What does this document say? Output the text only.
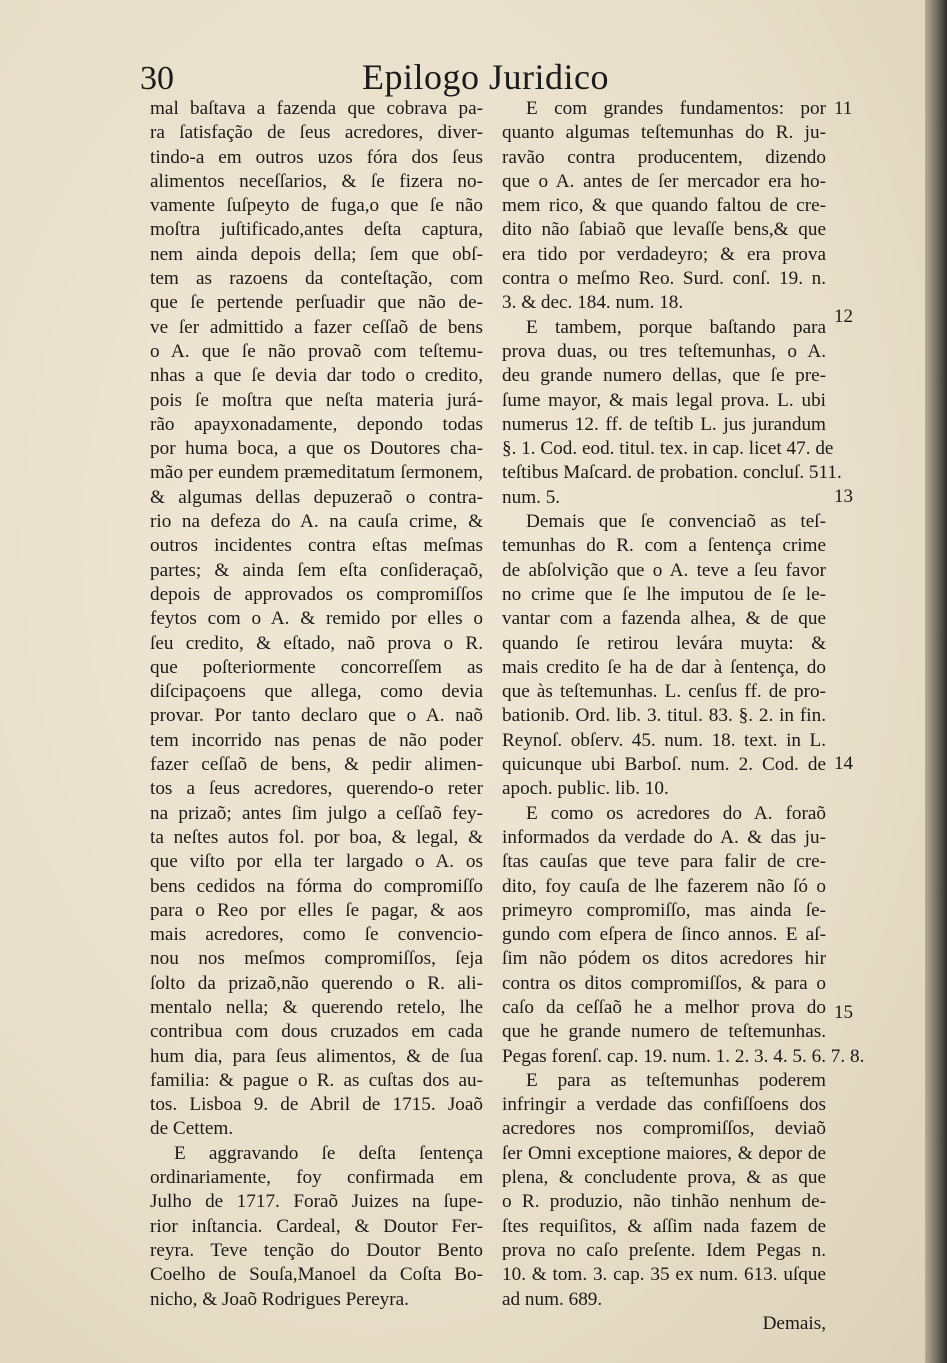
30	Epilogo Juridico
mal baſtava a fazenda que cobrava pa-
ra ſatisfação de ſeus acredores, diver-
tindo-a em outros uzos fóra dos ſeus
alimentos neceſſarios, & ſe fizera no-
vamente ſuſpeyto de fuga,o que ſe não
moſtra juſtificado,antes deſta captura,
nem ainda depois della; ſem que obſ-
tem as razoens da conteſtação, com
que ſe pertende perſuadir que não de-
ve ſer admittido a fazer ceſſaõ de bens
o A. que ſe não provaõ com teſtemu-
nhas a que ſe devia dar todo o credito,
pois ſe moſtra que neſta materia jurá-
rão apayxonadamente, depondo todas
por huma boca, a que os Doutores cha-
mão per eundem præmeditatum ſermonem,
& algumas dellas depuzeraõ o contra-
rio na defeza do A. na cauſa crime, &
outros incidentes contra eſtas meſmas
partes; & ainda ſem eſta conſideraçaõ,
depois de approvados os compromiſſos
feytos com o A. & remido por elles o
ſeu credito, & eſtado, naõ prova o R.
que poſteriormente concorreſſem as
diſcipaçoens que allega, como devia
provar. Por tanto declaro que o A. naõ
tem incorrido nas penas de não poder
fazer ceſſaõ de bens, & pedir alimen-
tos a ſeus acredores, querendo-o reter
na prizaõ; antes ſim julgo a ceſſaõ fey-
ta neſtes autos fol. por boa, & legal, &
que viſto por ella ter largado o A. os
bens cedidos na fórma do compromiſſo
para o Reo por elles ſe pagar, & aos
mais acredores, como ſe convencio-
nou nos meſmos compromiſſos, ſeja
ſolto da prizaõ,não querendo o R. ali-
mentalo nella; & querendo retelo, lhe
contribua com dous cruzados em cada
hum dia, para ſeus alimentos, & de ſua
familia: & pague o R. as cuſtas dos au-
tos. Lisboa 9. de Abril de 1715. Joaõ
de Cettem.
E aggravando ſe deſta ſentença
ordinariamente, foy confirmada em
Julho de 1717. Foraõ Juizes na ſupe-
rior inſtancia. Cardeal, & Doutor Fer-
reyra. Teve tenção do Doutor Bento
Coelho de Souſa,Manoel da Coſta Bo-
nicho, & Joaõ Rodrigues Pereyra.
E com grandes fundamentos: por
quanto algumas teſtemunhas do R. ju-
ravão contra producentem, dizendo
que o A. antes de ſer mercador era ho-
mem rico, & que quando faltou de cre-
dito não ſabiaõ que levaſſe bens,& que
era tido por verdadeyro; & era prova
contra o meſmo Reo. Surd. conſ. 19. n.
3. & dec. 184. num. 18.
E tambem, porque baſtando para
prova duas, ou tres teſtemunhas, o A.
deu grande numero dellas, que ſe pre-
ſume mayor, & mais legal prova. L. ubi
numerus 12. ff. de teſtib L. jus jurandum
§. 1. Cod. eod. titul. tex. in cap. licet 47. de
teſtibus Maſcard. de probation. concluſ. 511.
num. 5.
Demais que ſe convenciaõ as teſ-
temunhas do R. com a ſentença crime
de abſolvição que o A. teve a ſeu favor
no crime que ſe lhe imputou de ſe le-
vantar com a fazenda alhea, & de que
quando ſe retirou levára muyta: &
mais credito ſe ha de dar à ſentença, do
que às teſtemunhas. L. cenſus ff. de pro-
bationib. Ord. lib. 3. titul. 83. §. 2. in fin.
Reynoſ. obſerv. 45. num. 18. text. in L.
quicunque ubi Barboſ. num. 2. Cod. de
apoch. public. lib. 10.
E como os acredores do A. foraõ
informados da verdade do A. & das ju-
ſtas cauſas que teve para falir de cre-
dito, foy cauſa de lhe fazerem não ſó o
primeyro compromiſſo, mas ainda ſe-
gundo com eſpera de ſinco annos. E aſ-
ſim não pódem os ditos acredores hir
contra os ditos compromiſſos, & para o
caſo da ceſſaõ he a melhor prova do
que he grande numero de teſtemunhas.
Pegas forenſ. cap. 19. num. 1. 2. 3. 4. 5. 6. 7. 8.
E para as teſtemunhas poderem
infringir a verdade das confiſſoens dos
acredores nos compromiſſos, deviaõ
ſer Omni exceptione maiores, & depor de
plena, & concludente prova, & as que
o R. produzio, não tinhão nenhum de-
ſtes requiſitos, & aſſim nada fazem de
prova no caſo preſente. Idem Pegas n.
10. & tom. 3. cap. 35 ex num. 613. uſque
ad num. 689.
Demais,
11
12
13
14
15
